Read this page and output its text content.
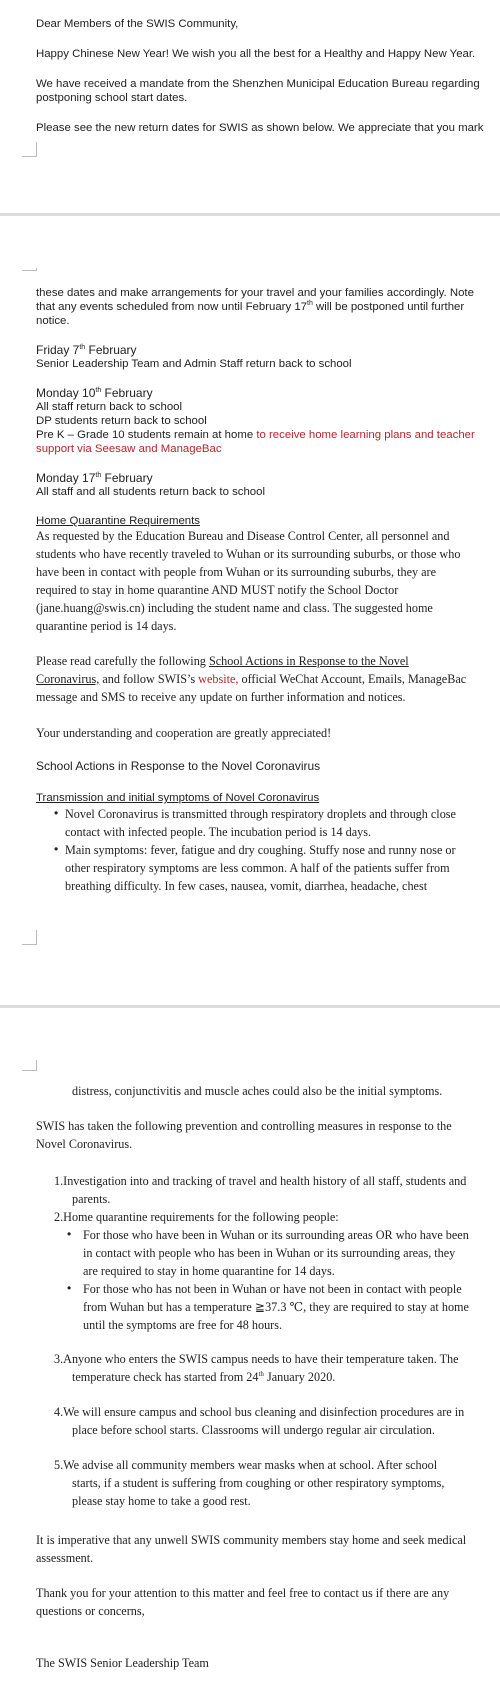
Dear Members of the SWIS Community,
Happy Chinese New Year! We wish you all the best for a Healthy and Happy New Year.
We have received a mandate from the Shenzhen Municipal Education Bureau regarding
postponing school start dates.
Please see the new return dates for SWIS as shown below. We appreciate that you mark
these dates and make arrangements for your travel and your families accordingly. Note
that any events scheduled from now until February 17th will be postponed until further
notice.
Friday 7th February
Senior Leadership Team and Admin Staff return back to school
Monday 10th February
All staff return back to school
DP students return back to school
Pre K – Grade 10 students remain at home to receive home learning plans and teacher
support via Seesaw and ManageBac
Monday 17th February
All staff and all students return back to school
Home Quarantine Requirements
As requested by the Education Bureau and Disease Control Center, all personnel and
students who have recently traveled to Wuhan or its surrounding suburbs, or those who
have been in contact with people from Wuhan or its surrounding suburbs, they are
required to stay in home quarantine AND MUST notify the School Doctor
(jane.huang@swis.cn) including the student name and class. The suggested home
quarantine period is 14 days.
Please read carefully the following School Actions in Response to the Novel
Coronavirus, and follow SWIS’s website, official WeChat Account, Emails, ManageBac
message and SMS to receive any update on further information and notices.
Your understanding and cooperation are greatly appreciated!
School Actions in Response to the Novel Coronavirus
Transmission and initial symptoms of Novel Coronavirus
• Novel Coronavirus is transmitted through respiratory droplets and through close
contact with infected people. The incubation period is 14 days.
• Main symptoms: fever, fatigue and dry coughing. Stuffy nose and runny nose or
other respiratory symptoms are less common. A half of the patients suffer from
breathing difficulty. In few cases, nausea, vomit, diarrhea, headache, chest
distress, conjunctivitis and muscle aches could also be the initial symptoms.
SWIS has taken the following prevention and controlling measures in response to the
Novel Coronavirus.
1.Investigation into and tracking of travel and health history of all staff, students and
parents.
2.Home quarantine requirements for the following people:
• For those who have been in Wuhan or its surrounding areas OR who have been
in contact with people who has been in Wuhan or its surrounding areas, they
are required to stay in home quarantine for 14 days.
• For those who has not been in Wuhan or have not been in contact with people
from Wuhan but has a temperature ≧37.3 ℃, they are required to stay at home
until the symptoms are free for 48 hours.
3.Anyone who enters the SWIS campus needs to have their temperature taken. The
temperature check has started from 24th January 2020.
4.We will ensure campus and school bus cleaning and disinfection procedures are in
place before school starts. Classrooms will undergo regular air circulation.
5.We advise all community members wear masks when at school. After school
starts, if a student is suffering from coughing or other respiratory symptoms,
please stay home to take a good rest.
It is imperative that any unwell SWIS community members stay home and seek medical
assessment.
Thank you for your attention to this matter and feel free to contact us if there are any
questions or concerns,
The SWIS Senior Leadership Team
